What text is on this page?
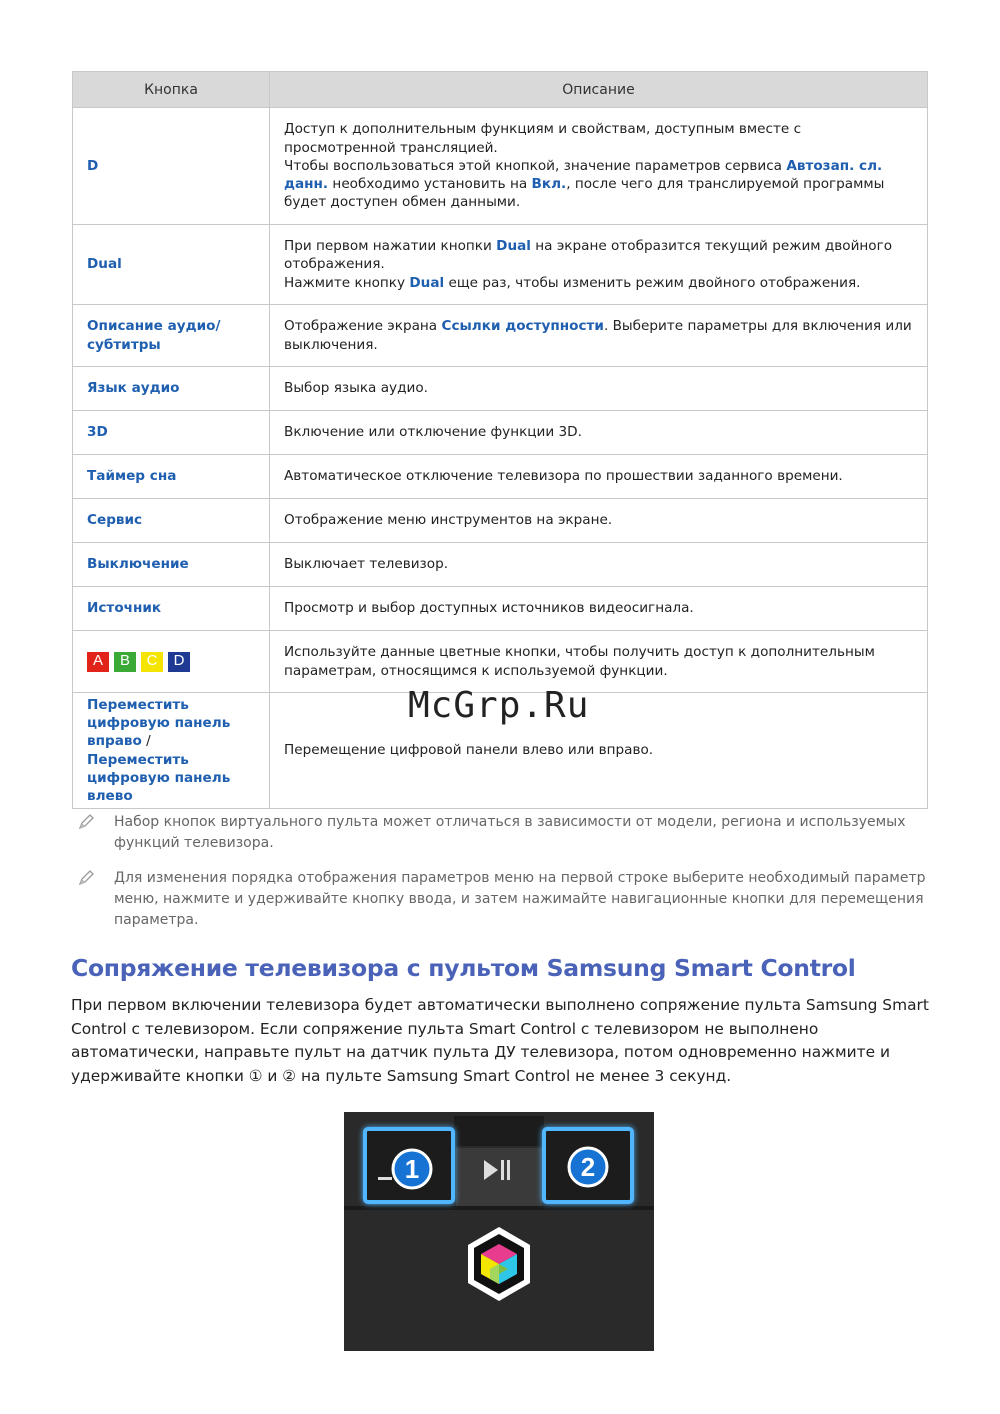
Кнопка	Описание
D	Доступ к дополнительным функциям и свойствам, доступным вместе с просмотренной трансляцией.
Чтобы воспользоваться этой кнопкой, значение параметров сервиса Автозап. сл. данн. необходимо установить на Вкл., после чего для транслируемой программы будет доступен обмен данными.

Dual	При первом нажатии кнопки Dual на экране отобразится текущий режим двойного отображения.
Нажмите кнопку Dual еще раз, чтобы изменить режим двойного отображения.

Описание аудио/ субтитры	Отображение экрана Ссылки доступности. Выберите параметры для включения или выключения.

Язык аудио	Выбор языка аудио.
3D	Включение или отключение функции 3D.
Таймер сна	Автоматическое отключение телевизора по прошествии заданного времени.
Сервис	Отображение меню инструментов на экране.
Выключение	Выключает телевизор.
Источник	Просмотр и выбор доступных источников видеосигнала.

A B C D	Используйте данные цветные кнопки, чтобы получить доступ к дополнительным параметрам, относящимся к используемой функции.
Переместить цифровую панель вправо / Переместить цифровую панель влево	Перемещение цифровой панели влево или вправо.
McGrp.Ru
Набор кнопок виртуального пульта может отличаться в зависимости от модели, региона и используемых функций телевизора.
Для изменения порядка отображения параметров меню на первой строке выберите необходимый параметр меню, нажмите и удерживайте кнопку ввода, и затем нажимайте навигационные кнопки для перемещения параметра.
Сопряжение телевизора с пультом Samsung Smart Control

При первом включении телевизора будет автоматически выполнено сопряжение пульта Samsung Smart Control с телевизором. Если сопряжение пульта Smart Control с телевизором не выполнено автоматически, направьте пульт на датчик пульта ДУ телевизора, потом одновременно нажмите и удерживайте кнопки ① и ② на пульте Samsung Smart Control не менее 3 секунд.

1	2
